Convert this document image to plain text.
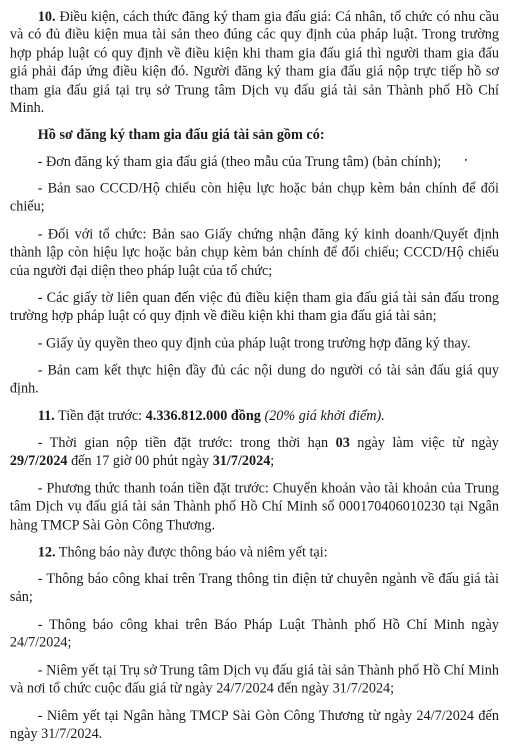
10. Điều kiện, cách thức đăng ký tham gia đấu giá: Cá nhân, tổ chức có nhu cầu và có đủ điều kiện mua tài sản theo đúng các quy định của pháp luật. Trong trường hợp pháp luật có quy định về điều kiện khi tham gia đấu giá thì người tham gia đấu giá phải đáp ứng điều kiện đó. Người đăng ký tham gia đấu giá nộp trực tiếp hồ sơ tham gia đấu giá tại trụ sở Trung tâm Dịch vụ đấu giá tài sản Thành phố Hồ Chí Minh.

Hồ sơ đăng ký tham gia đấu giá tài sản gồm có:

- Đơn đăng ký tham gia đấu giá (theo mẫu của Trung tâm) (bản chính);

- Bản sao CCCD/Hộ chiếu còn hiệu lực hoặc bản chụp kèm bản chính để đối chiếu;

- Đối với tổ chức: Bản sao Giấy chứng nhận đăng ký kinh doanh/Quyết định thành lập còn hiệu lực hoặc bản chụp kèm bản chính để đối chiếu; CCCD/Hộ chiếu của người đại diện theo pháp luật của tổ chức;

- Các giấy tờ liên quan đến việc đủ điều kiện tham gia đấu giá tài sản đấu trong trường hợp pháp luật có quy định về điều kiện khi tham gia đấu giá tài sản;

- Giấy ủy quyền theo quy định của pháp luật trong trường hợp đăng ký thay.

- Bản cam kết thực hiện đầy đủ các nội dung do người có tài sản đấu giá quy định.

11. Tiền đặt trước: 4.336.812.000 đồng (20% giá khởi điểm).

- Thời gian nộp tiền đặt trước: trong thời hạn 03 ngày làm việc từ ngày 29/7/2024 đến 17 giờ 00 phút ngày 31/7/2024;

- Phương thức thanh toán tiền đặt trước: Chuyển khoản vào tài khoản của Trung tâm Dịch vụ đấu giá tài sản Thành phố Hồ Chí Minh số 000170406010230 tại Ngân hàng TMCP Sài Gòn Công Thương.

12. Thông báo này được thông báo và niêm yết tại:

- Thông báo công khai trên Trang thông tin điện tử chuyên ngành về đấu giá tài sản;

- Thông báo công khai trên Báo Pháp Luật Thành phố Hồ Chí Minh ngày 24/7/2024;

- Niêm yết tại Trụ sở Trung tâm Dịch vụ đấu giá tài sản Thành phố Hồ Chí Minh và nơi tổ chức cuộc đấu giá từ ngày 24/7/2024 đến ngày 31/7/2024;

- Niêm yết tại Ngân hàng TMCP Sài Gòn Công Thương từ ngày 24/7/2024 đến ngày 31/7/2024.
